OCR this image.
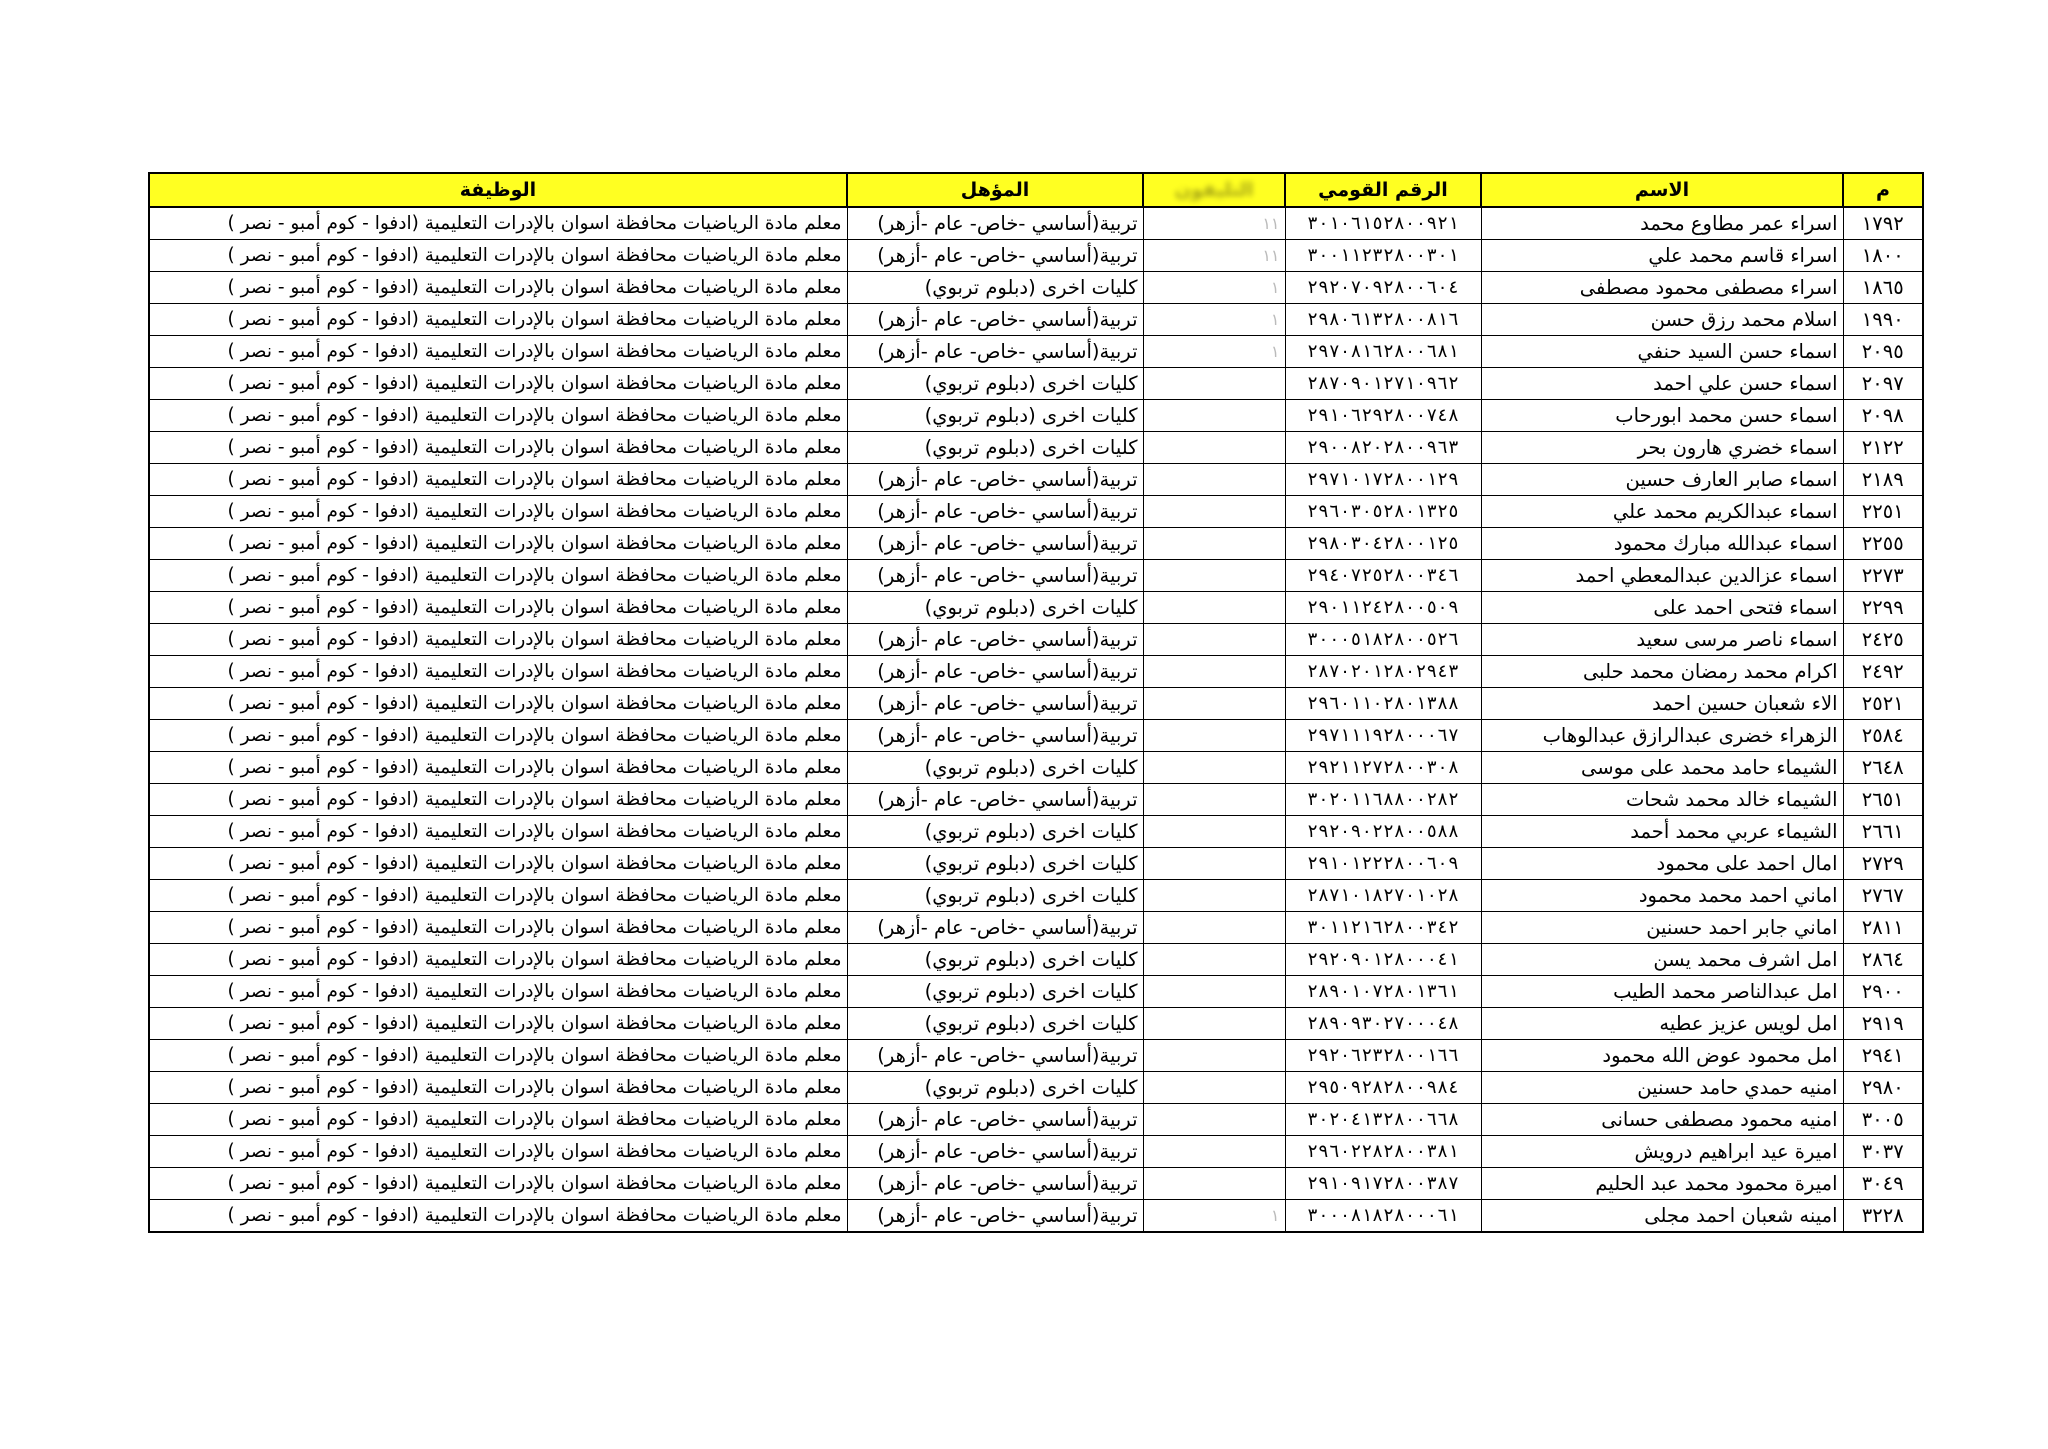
م	الاسم	الرقم القومي	التليفون	المؤهل	الوظيفة
١٧٩٢	اسراء عمر مطاوع محمد	٣٠١٠٦١٥٢٨٠٠٩٢١	١١	تربية(أساسي -خاص- عام -أزهر)	معلم مادة الرياضيات محافظة اسوان بالإدرات التعليمية (ادفوا - كوم أمبو - نصر )
١٨٠٠	اسراء قاسم محمد علي	٣٠٠١١٢٣٢٨٠٠٣٠١	١١	تربية(أساسي -خاص- عام -أزهر)	معلم مادة الرياضيات محافظة اسوان بالإدرات التعليمية (ادفوا - كوم أمبو - نصر )
١٨٦٥	اسراء مصطفى محمود مصطفى	٢٩٢٠٧٠٩٢٨٠٠٦٠٤	١	كليات اخرى (دبلوم تربوي)	معلم مادة الرياضيات محافظة اسوان بالإدرات التعليمية (ادفوا - كوم أمبو - نصر )
١٩٩٠	اسلام محمد رزق حسن	٢٩٨٠٦١٣٢٨٠٠٨١٦	١	تربية(أساسي -خاص- عام -أزهر)	معلم مادة الرياضيات محافظة اسوان بالإدرات التعليمية (ادفوا - كوم أمبو - نصر )
٢٠٩٥	اسماء حسن السيد حنفي	٢٩٧٠٨١٦٢٨٠٠٦٨١	١	تربية(أساسي -خاص- عام -أزهر)	معلم مادة الرياضيات محافظة اسوان بالإدرات التعليمية (ادفوا - كوم أمبو - نصر )
٢٠٩٧	اسماء حسن علي احمد	٢٨٧٠٩٠١٢٧١٠٩٦٢		كليات اخرى (دبلوم تربوي)	معلم مادة الرياضيات محافظة اسوان بالإدرات التعليمية (ادفوا - كوم أمبو - نصر )
٢٠٩٨	اسماء حسن محمد ابورحاب	٢٩١٠٦٢٩٢٨٠٠٧٤٨		كليات اخرى (دبلوم تربوي)	معلم مادة الرياضيات محافظة اسوان بالإدرات التعليمية (ادفوا - كوم أمبو - نصر )
٢١٢٢	اسماء خضري هارون بحر	٢٩٠٠٨٢٠٢٨٠٠٩٦٣		كليات اخرى (دبلوم تربوي)	معلم مادة الرياضيات محافظة اسوان بالإدرات التعليمية (ادفوا - كوم أمبو - نصر )
٢١٨٩	اسماء صابر العارف حسين	٢٩٧١٠١٧٢٨٠٠١٢٩		تربية(أساسي -خاص- عام -أزهر)	معلم مادة الرياضيات محافظة اسوان بالإدرات التعليمية (ادفوا - كوم أمبو - نصر )
٢٢٥١	اسماء عبدالكريم محمد علي	٢٩٦٠٣٠٥٢٨٠١٣٢٥		تربية(أساسي -خاص- عام -أزهر)	معلم مادة الرياضيات محافظة اسوان بالإدرات التعليمية (ادفوا - كوم أمبو - نصر )
٢٢٥٥	اسماء عبدالله مبارك محمود	٢٩٨٠٣٠٤٢٨٠٠١٢٥		تربية(أساسي -خاص- عام -أزهر)	معلم مادة الرياضيات محافظة اسوان بالإدرات التعليمية (ادفوا - كوم أمبو - نصر )
٢٢٧٣	اسماء عزالدين عبدالمعطي احمد	٢٩٤٠٧٢٥٢٨٠٠٣٤٦		تربية(أساسي -خاص- عام -أزهر)	معلم مادة الرياضيات محافظة اسوان بالإدرات التعليمية (ادفوا - كوم أمبو - نصر )
٢٢٩٩	اسماء فتحى احمد على	٢٩٠١١٢٤٢٨٠٠٥٠٩		كليات اخرى (دبلوم تربوي)	معلم مادة الرياضيات محافظة اسوان بالإدرات التعليمية (ادفوا - كوم أمبو - نصر )
٢٤٢٥	اسماء ناصر مرسى سعيد	٣٠٠٠٥١٨٢٨٠٠٥٢٦		تربية(أساسي -خاص- عام -أزهر)	معلم مادة الرياضيات محافظة اسوان بالإدرات التعليمية (ادفوا - كوم أمبو - نصر )
٢٤٩٢	اكرام محمد رمضان محمد حلبى	٢٨٧٠٢٠١٢٨٠٢٩٤٣		تربية(أساسي -خاص- عام -أزهر)	معلم مادة الرياضيات محافظة اسوان بالإدرات التعليمية (ادفوا - كوم أمبو - نصر )
٢٥٢١	الاء شعبان حسين احمد	٢٩٦٠١١٠٢٨٠١٣٨٨		تربية(أساسي -خاص- عام -أزهر)	معلم مادة الرياضيات محافظة اسوان بالإدرات التعليمية (ادفوا - كوم أمبو - نصر )
٢٥٨٤	الزهراء خضرى عبدالرازق عبدالوهاب	٢٩٧١١١٩٢٨٠٠٠٦٧		تربية(أساسي -خاص- عام -أزهر)	معلم مادة الرياضيات محافظة اسوان بالإدرات التعليمية (ادفوا - كوم أمبو - نصر )
٢٦٤٨	الشيماء حامد محمد على موسى	٢٩٢١١٢٧٢٨٠٠٣٠٨		كليات اخرى (دبلوم تربوي)	معلم مادة الرياضيات محافظة اسوان بالإدرات التعليمية (ادفوا - كوم أمبو - نصر )
٢٦٥١	الشيماء خالد محمد شحات	٣٠٢٠١١٦٨٨٠٠٢٨٢		تربية(أساسي -خاص- عام -أزهر)	معلم مادة الرياضيات محافظة اسوان بالإدرات التعليمية (ادفوا - كوم أمبو - نصر )
٢٦٦١	الشيماء عربي محمد أحمد	٢٩٢٠٩٠٢٢٨٠٠٥٨٨		كليات اخرى (دبلوم تربوي)	معلم مادة الرياضيات محافظة اسوان بالإدرات التعليمية (ادفوا - كوم أمبو - نصر )
٢٧٢٩	امال احمد على محمود	٢٩١٠١٢٢٢٨٠٠٦٠٩		كليات اخرى (دبلوم تربوي)	معلم مادة الرياضيات محافظة اسوان بالإدرات التعليمية (ادفوا - كوم أمبو - نصر )
٢٧٦٧	اماني احمد محمد محمود	٢٨٧١٠١٨٢٧٠١٠٢٨		كليات اخرى (دبلوم تربوي)	معلم مادة الرياضيات محافظة اسوان بالإدرات التعليمية (ادفوا - كوم أمبو - نصر )
٢٨١١	اماني جابر احمد حسنين	٣٠١١٢١٦٢٨٠٠٣٤٢		تربية(أساسي -خاص- عام -أزهر)	معلم مادة الرياضيات محافظة اسوان بالإدرات التعليمية (ادفوا - كوم أمبو - نصر )
٢٨٦٤	امل اشرف محمد يسن	٢٩٢٠٩٠١٢٨٠٠٠٤١		كليات اخرى (دبلوم تربوي)	معلم مادة الرياضيات محافظة اسوان بالإدرات التعليمية (ادفوا - كوم أمبو - نصر )
٢٩٠٠	امل عبدالناصر محمد الطيب	٢٨٩٠١٠٧٢٨٠١٣٦١		كليات اخرى (دبلوم تربوي)	معلم مادة الرياضيات محافظة اسوان بالإدرات التعليمية (ادفوا - كوم أمبو - نصر )
٢٩١٩	امل لويس عزيز عطيه	٢٨٩٠٩٣٠٢٧٠٠٠٤٨		كليات اخرى (دبلوم تربوي)	معلم مادة الرياضيات محافظة اسوان بالإدرات التعليمية (ادفوا - كوم أمبو - نصر )
٢٩٤١	امل محمود عوض الله محمود	٢٩٢٠٦٢٣٢٨٠٠١٦٦		تربية(أساسي -خاص- عام -أزهر)	معلم مادة الرياضيات محافظة اسوان بالإدرات التعليمية (ادفوا - كوم أمبو - نصر )
٢٩٨٠	امنيه حمدي حامد حسنين	٢٩٥٠٩٢٨٢٨٠٠٩٨٤		كليات اخرى (دبلوم تربوي)	معلم مادة الرياضيات محافظة اسوان بالإدرات التعليمية (ادفوا - كوم أمبو - نصر )
٣٠٠٥	امنيه محمود مصطفى حسانى	٣٠٢٠٤١٣٢٨٠٠٦٦٨		تربية(أساسي -خاص- عام -أزهر)	معلم مادة الرياضيات محافظة اسوان بالإدرات التعليمية (ادفوا - كوم أمبو - نصر )
٣٠٣٧	اميرة عيد ابراهيم درويش	٢٩٦٠٢٢٨٢٨٠٠٣٨١		تربية(أساسي -خاص- عام -أزهر)	معلم مادة الرياضيات محافظة اسوان بالإدرات التعليمية (ادفوا - كوم أمبو - نصر )
٣٠٤٩	اميرة محمود محمد عبد الحليم	٢٩١٠٩١٧٢٨٠٠٣٨٧		تربية(أساسي -خاص- عام -أزهر)	معلم مادة الرياضيات محافظة اسوان بالإدرات التعليمية (ادفوا - كوم أمبو - نصر )
٣٢٢٨	امينه شعبان احمد مجلى	٣٠٠٠٨١٨٢٨٠٠٠٦١	١	تربية(أساسي -خاص- عام -أزهر)	معلم مادة الرياضيات محافظة اسوان بالإدرات التعليمية (ادفوا - كوم أمبو - نصر )
